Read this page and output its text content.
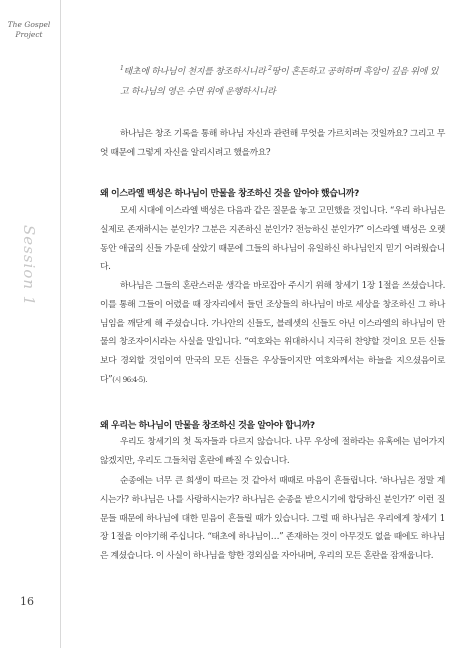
The Gospel
Project
Session 1
16
$^1$태초에 하나님이 천지를 창조하시니라 $^2$땅이 혼돈하고 공허하며 흑암이 깊음 위에 있고 하나님의 영은 수면 위에 운행하시니라
하나님은 창조 기록을 통해 하나님 자신과 관련해 무엇을 가르치려는 것일까요? 그리고 무엇 때문에 그렇게 자신을 알리시려고 했을까요?
왜 이스라엘 백성은 하나님이 만물을 창조하신 것을 알아야 했습니까?
모세 시대에 이스라엘 백성은 다음과 같은 질문을 놓고 고민했을 것입니다. “우리 하나님은 실제로 존재하시는 분인가? 그분은 지존하신 분인가? 전능하신 분인가?” 이스라엘 백성은 오랫동안 애굽의 신들 가운데 살았기 때문에 그들의 하나님이 유일하신 하나님인지 믿기 어려웠습니다.
하나님은 그들의 혼란스러운 생각을 바로잡아 주시기 위해 창세기 1장 1절을 쓰셨습니다. 이를 통해 그들이 어렸을 때 장자리에서 들던 조상들의 하나님이 바로 세상을 창조하신 그 하나님임을 깨닫게 해 주셨습니다. 가나안의 신들도, 블레셋의 신들도 아닌 이스라엘의 하나님이 만물의 창조자이시라는 사실을 말입니다. “여호와는 위대하시니 지극히 찬양할 것이요 모든 신들보다 경외할 것임이여 만국의 모든 신들은 우상들이지만 여호와께서는 하늘을 지으셨음이로다”(시 96:4-5).
왜 우리는 하나님이 만물을 창조하신 것을 알아야 합니까?
우리도 창세기의 첫 독자들과 다르지 않습니다. 나무 우상에 절하라는 유혹에는 넘어가지 않겠지만, 우리도 그들처럼 혼란에 빠질 수 있습니다.
순종에는 너무 큰 희생이 따르는 것 같아서 때때로 마음이 흔들립니다. ‘하나님은 정말 계시는가? 하나님은 나를 사랑하시는가? 하나님은 순종을 받으시기에 합당하신 분인가?’ 이런 질문들 때문에 하나님에 대한 믿음이 흔들릴 때가 있습니다. 그럴 때 하나님은 우리에게 창세기 1장 1절을 이야기해 주십니다. “태초에 하나님이…” 존재하는 것이 아무것도 없을 때에도 하나님은 계셨습니다. 이 사실이 하나님을 향한 경외심을 자아내며, 우리의 모든 혼란을 잠재웁니다.
